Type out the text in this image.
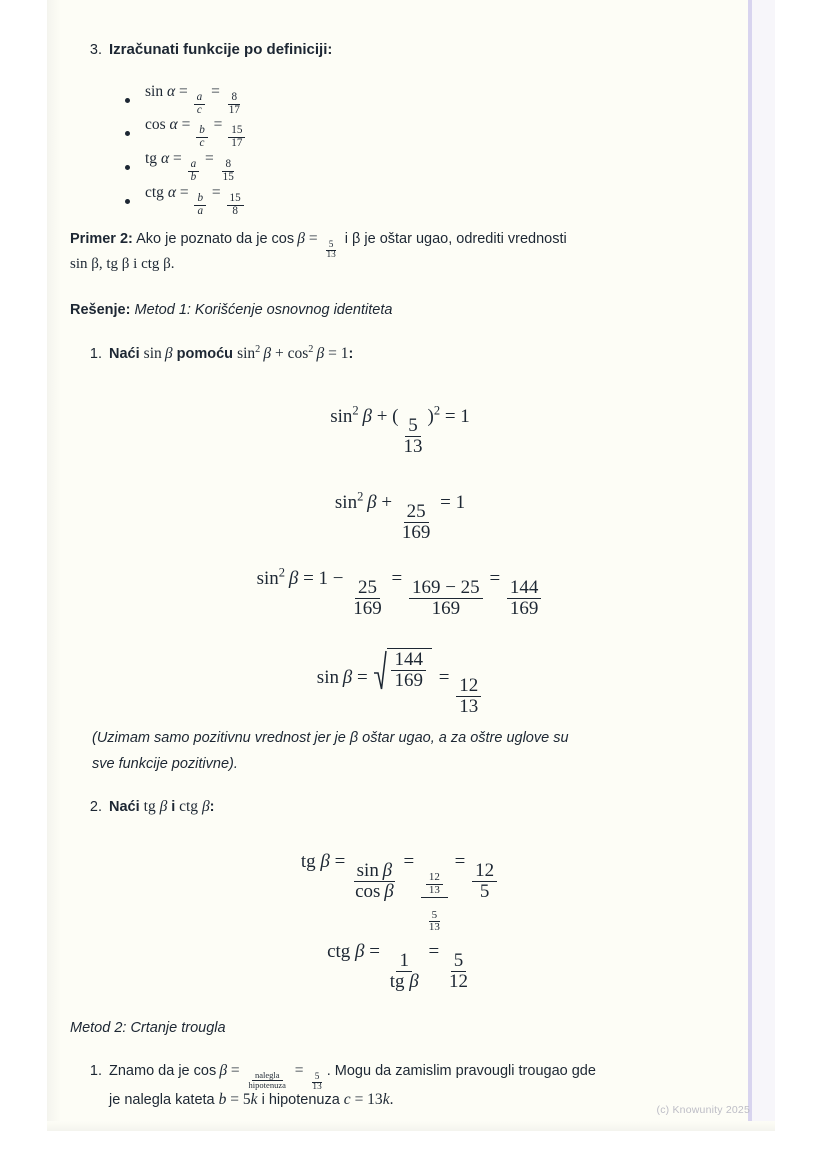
3. Izračunati funkcije po definiciji:
sin α =
$\frac{a}{c}$
=
$\frac{8}{17}$
cos α =
$\frac{b}{c}$
=
$\frac{15}{17}$
tg α =
$\frac{a}{b}$
=
$\frac{8}{15}$
ctg α =
$\frac{b}{a}$
=
$\frac{15}{8}$
Primer 2: Ako je poznato da je cos β =
$\frac{5}{13}$
i β je oštar ugao, odrediti vrednosti
sin β, tg β i ctg β.
Rešenje: Metod 1: Korišćenje osnovnog identiteta
1. Naći sin β pomoću $\sin^2 \beta + \cos^2 \beta = 1$:
$\sin^2 \beta$ + ( $\frac{5}{13} )^2 = 1$
$\sin^2 \beta + \frac{25}{169} = 1$
$\sin^2 \beta = 1 - \frac{25}{169} = \frac{169 - 25}{169} = \frac{144}{169}$
$\sin \beta = \frac{144}{169} = \frac{12}{13}$
(Uzimam samo pozitivnu vrednost jer je β oštar ugao, a za oštre uglove su
sve funkcije pozitivne).
2. Naći tg β i ctg β:
tg $\beta = \frac{\text{sin β}}{\text{cos β}} = \frac{\frac{12}{13}}{\frac{5}{13}} = \frac{12}{5}$
ctg $\beta = \frac{1}{\text{tg β}} = \frac{5}{12}$
Metod 2: Crtanje trougla
1. Znamo da je cos  β =
$\frac{\text{nalegla}}{\text{hipotenuza}}$
=
$\frac{5}{13}$
. Mogu da zamislim pravougli trougao gde
je nalegla kateta b = 5k i hipotenuza c = 13k.
(c) Knowunity 2025
